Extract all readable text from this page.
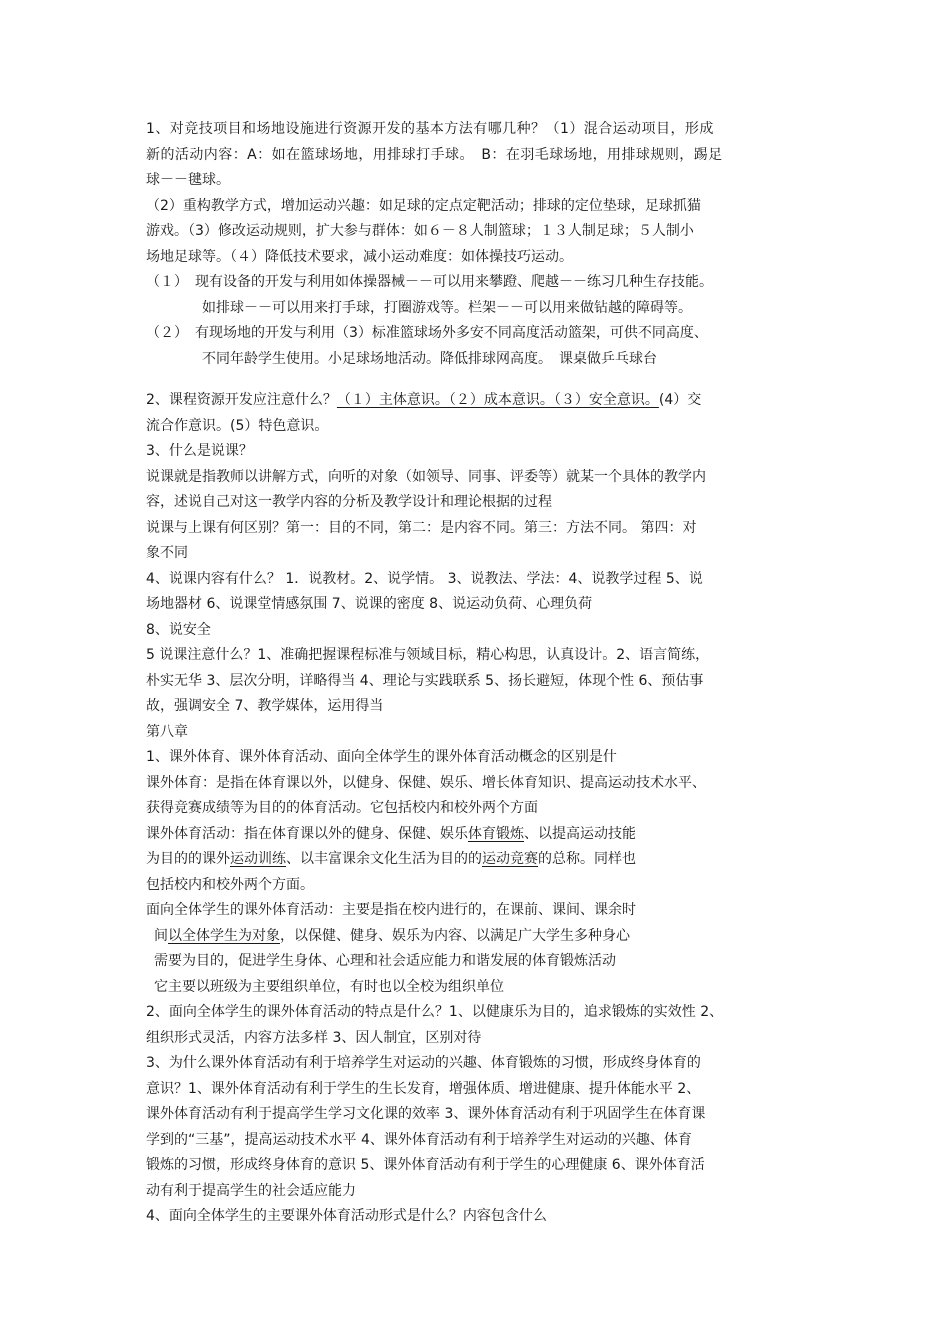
1、对竞技项目和场地设施进行资源开发的基本方法有哪几种？（1）混合运动项目，形成
新的活动内容：A：如在篮球场地，用排球打手球。　B：在羽毛球场地，用排球规则，踢足
球－－毽球。
（2）重构教学方式，增加运动兴趣：如足球的定点定靶活动；排球的定位垫球，足球抓猫
游戏。（3）修改运动规则，扩大参与群体：如６－８人制篮球；１３人制足球；５人制小
场地足球等。（４）降低技术要求，减小运动难度：如体操技巧运动。
（１）　现有设备的开发与利用如体操器械－－可以用来攀蹬、爬越－－练习几种生存技能。
如排球－－可以用来打手球，打圈游戏等。栏架－－可以用来做钻越的障碍等。
（２）　有现场地的开发与利用（3）标准篮球场外多安不同高度活动篮架，可供不同高度、
不同年龄学生使用。小足球场地活动。降低排球网高度。　课桌做乒乓球台
2、课程资源开发应注意什么？（１）主体意识。（２）成本意识。（３）安全意识。(4）交
流合作意识。(5）特色意识。
3、什么是说课？
说课就是指教师以讲解方式，向听的对象（如领导、同事、评委等）就某一个具体的教学内
容，述说自己对这一教学内容的分析及教学设计和理论根据的过程
说课与上课有何区别？第一：目的不同，第二：是内容不同。第三：方法不同。 第四：对
象不同
4、说课内容有什么？ 1．说教材。2、说学情。 3、说教法、学法：4、说教学过程 5、说
场地器材 6、说课堂情感氛围 7、说课的密度 8、说运动负荷、心理负荷
8、说安全
5 说课注意什么？1、准确把握课程标准与领域目标，精心构思，认真设计。2、语言简练，
朴实无华 3、层次分明，详略得当 4、理论与实践联系 5、扬长避短，体现个性 6、预估事
故，强调安全 7、教学媒体，运用得当
第八章
1、课外体育、课外体育活动、面向全体学生的课外体育活动概念的区别是什
课外体育：是指在体育课以外，以健身、保健、娱乐、增长体育知识、提高运动技术水平、
获得竞赛成绩等为目的的体育活动。它包括校内和校外两个方面
课外体育活动：指在体育课以外的健身、保健、娱乐体育锻炼、以提高运动技能
为目的的课外运动训练、以丰富课余文化生活为目的的运动竞赛的总称。同样也
包括校内和校外两个方面。
面向全体学生的课外体育活动：主要是指在校内进行的，在课前、课间、课余时
间以全体学生为对象，以保健、健身、娱乐为内容、以满足广大学生多种身心
需要为目的，促进学生身体、心理和社会适应能力和谐发展的体育锻炼活动
它主要以班级为主要组织单位，有时也以全校为组织单位
2、面向全体学生的课外体育活动的特点是什么？1、以健康乐为目的，追求锻炼的实效性 2、
组织形式灵活，内容方法多样 3、因人制宜，区别对待
3、为什么课外体育活动有利于培养学生对运动的兴趣、体育锻炼的习惯，形成终身体育的
意识？1、课外体育活动有利于学生的生长发育，增强体质、增进健康、提升体能水平 2、
课外体育活动有利于提高学生学习文化课的效率 3、课外体育活动有利于巩固学生在体育课
学到的“三基”，提高运动技术水平 4、课外体育活动有利于培养学生对运动的兴趣、体育
锻炼的习惯，形成终身体育的意识 5、课外体育活动有利于学生的心理健康 6、课外体育活
动有利于提高学生的社会适应能力
4、面向全体学生的主要课外体育活动形式是什么？内容包含什么
